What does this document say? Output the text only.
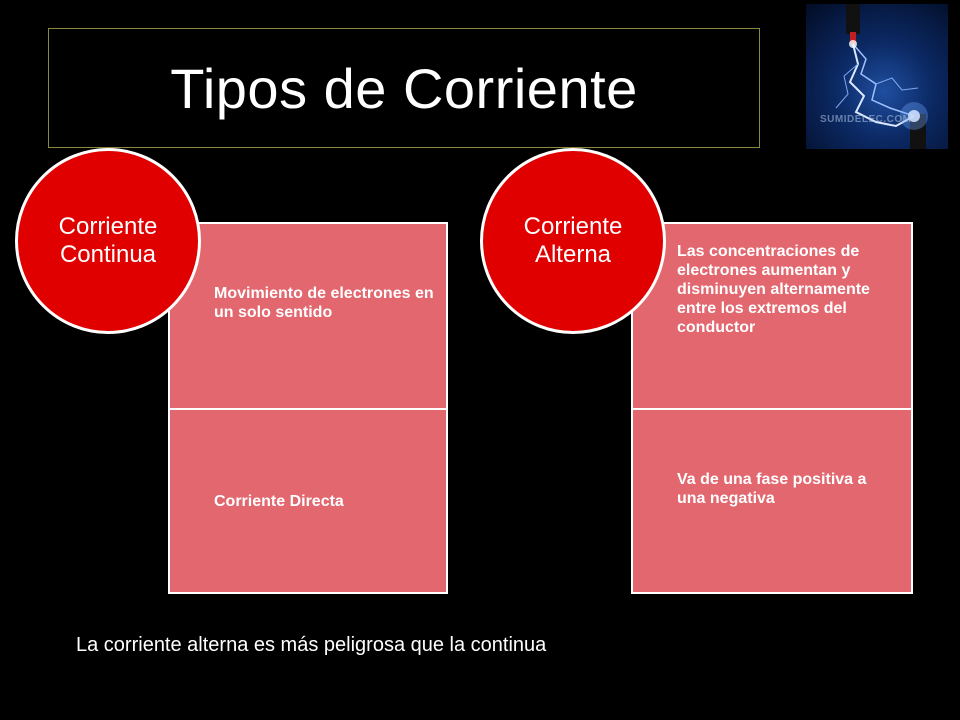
Tipos de Corriente	SUMIDELEC.COM
Movimiento de electrones en un solo sentido
Corriente Directa
Corriente
Continua	Las concentraciones de electrones aumentan y disminuyen alternamente entre los extremos del conductor
Va de una fase positiva a una negativa
Corriente
Alterna
La corriente alterna es más peligrosa que la continua
